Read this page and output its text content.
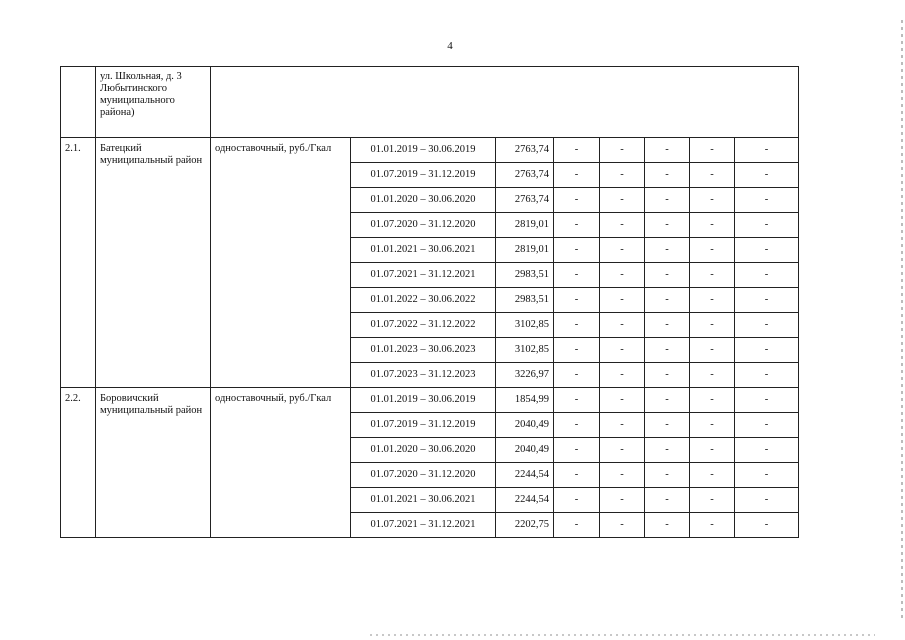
4
	ул. Школьная, д. 3 Любытинского муниципального района)								
2.1.	Батецкий муниципальный район	одноставочный, руб./Гкал	01.01.2019 – 30.06.2019	2763,74	-	-	-	-	-
			01.07.2019 – 31.12.2019	2763,74	-	-	-	-	-
			01.01.2020 – 30.06.2020	2763,74	-	-	-	-	-
			01.07.2020 – 31.12.2020	2819,01	-	-	-	-	-
			01.01.2021 – 30.06.2021	2819,01	-	-	-	-	-
			01.07.2021 – 31.12.2021	2983,51	-	-	-	-	-
			01.01.2022 – 30.06.2022	2983,51	-	-	-	-	-
			01.07.2022 – 31.12.2022	3102,85	-	-	-	-	-
			01.01.2023 – 30.06.2023	3102,85	-	-	-	-	-
			01.07.2023 – 31.12.2023	3226,97	-	-	-	-	-
2.2.	Боровичский муниципальный район	одноставочный, руб./Гкал	01.01.2019 – 30.06.2019	1854,99	-	-	-	-	-
			01.07.2019 – 31.12.2019	2040,49	-	-	-	-	-
			01.01.2020 – 30.06.2020	2040,49	-	-	-	-	-
			01.07.2020 – 31.12.2020	2244,54	-	-	-	-	-
			01.01.2021 – 30.06.2021	2244,54	-	-	-	-	-
			01.07.2021 – 31.12.2021	2202,75	-	-	-	-	-
